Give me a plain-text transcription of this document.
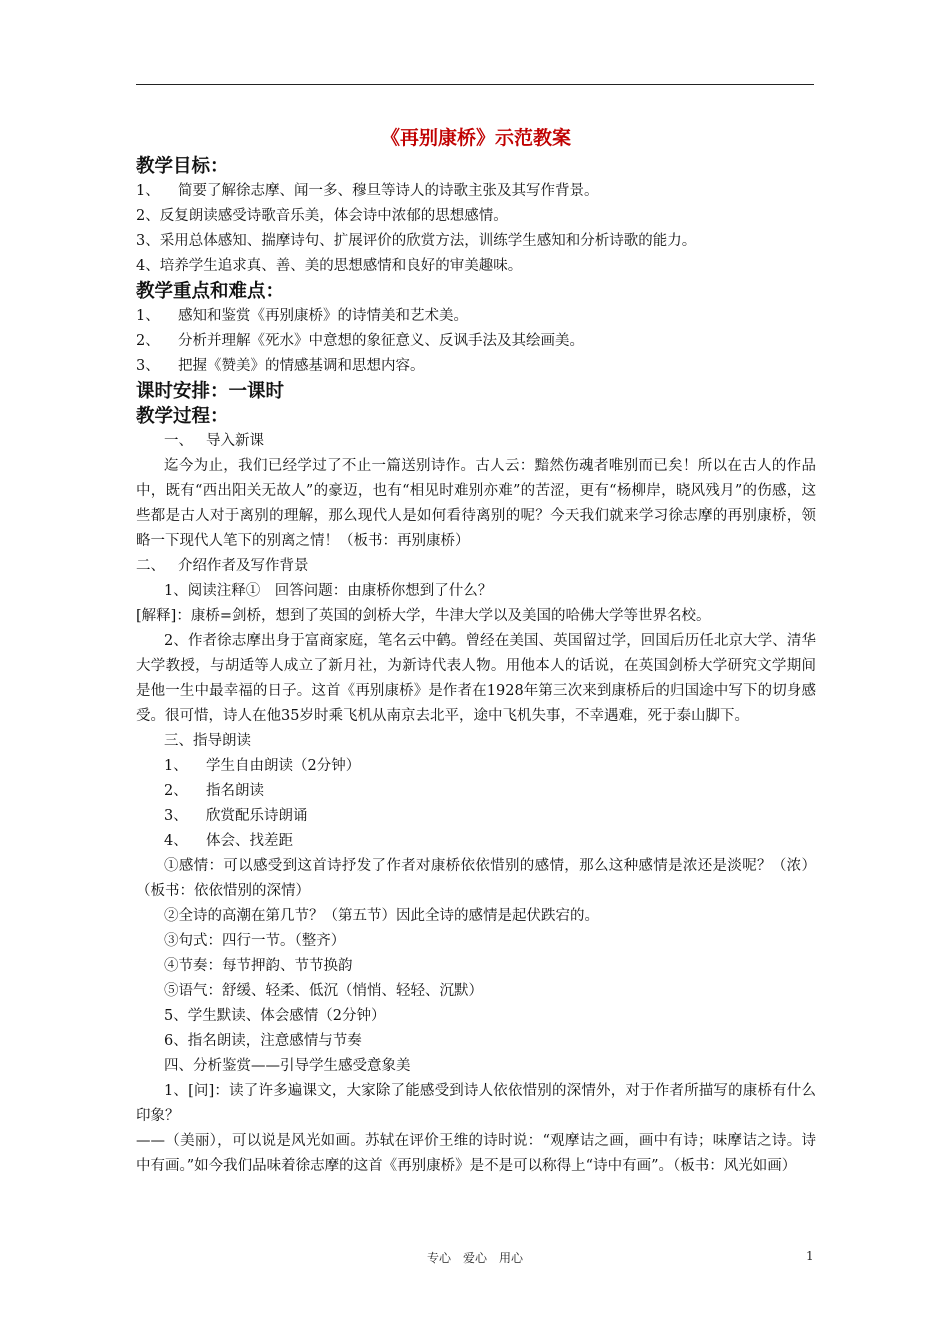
《再别康桥》示范教案
教学目标：
1、 简要了解徐志摩、闻一多、穆旦等诗人的诗歌主张及其写作背景。
2、反复朗读感受诗歌音乐美，体会诗中浓郁的思想感情。
3、采用总体感知、揣摩诗句、扩展评价的欣赏方法，训练学生感知和分析诗歌的能力。
4、培养学生追求真、善、美的思想感情和良好的审美趣味。
教学重点和难点：
1、 感知和鉴赏《再别康桥》的诗情美和艺术美。
2、 分析并理解《死水》中意想的象征意义、反讽手法及其绘画美。
3、 把握《赞美》的情感基调和思想内容。
课时安排：一课时
教学过程：
一、 导入新课
迄今为止，我们已经学过了不止一篇送别诗作。古人云：黯然伤魂者唯别而已矣！所以在古人的作品中，既有“西出阳关无故人”的豪迈，也有“相见时难别亦难”的苦涩，更有“杨柳岸，晓风残月”的伤感，这些都是古人对于离别的理解，那么现代人是如何看待离别的呢？今天我们就来学习徐志摩的再别康桥，领略一下现代人笔下的别离之情！（板书：再别康桥）
二、 介绍作者及写作背景
1、阅读注释①　回答问题：由康桥你想到了什么？
[解释]：康桥=剑桥，想到了英国的剑桥大学，牛津大学以及美国的哈佛大学等世界名校。
2、作者徐志摩出身于富商家庭，笔名云中鹤。曾经在美国、英国留过学，回国后历任北京大学、清华大学教授，与胡适等人成立了新月社，为新诗代表人物。用他本人的话说，在英国剑桥大学研究文学期间是他一生中最幸福的日子。这首《再别康桥》是作者在1928年第三次来到康桥后的归国途中写下的切身感受。很可惜，诗人在他35岁时乘飞机从南京去北平，途中飞机失事，不幸遇难，死于泰山脚下。
三、指导朗读
1、 学生自由朗读（2分钟）
2、 指名朗读
3、 欣赏配乐诗朗诵
4、 体会、找差距
①感情：可以感受到这首诗抒发了作者对康桥依依惜别的感情，那么这种感情是浓还是淡呢？（浓）（板书：依依惜别的深情）
②全诗的高潮在第几节？（第五节）因此全诗的感情是起伏跌宕的。
③句式：四行一节。（整齐）
④节奏：每节押韵、节节换韵
⑤语气：舒缓、轻柔、低沉（悄悄、轻轻、沉默）
5、学生默读、体会感情（2分钟）
6、指名朗读，注意感情与节奏
四、分析鉴赏——引导学生感受意象美
1、[问]：读了许多遍课文，大家除了能感受到诗人依依惜别的深情外，对于作者所描写的康桥有什么印象？
——（美丽），可以说是风光如画。苏轼在评价王维的诗时说：“观摩诘之画，画中有诗；味摩诘之诗。诗中有画。”如今我们品味着徐志摩的这首《再别康桥》是不是可以称得上“诗中有画”。（板书：风光如画）
专心　爱心　用心	1
